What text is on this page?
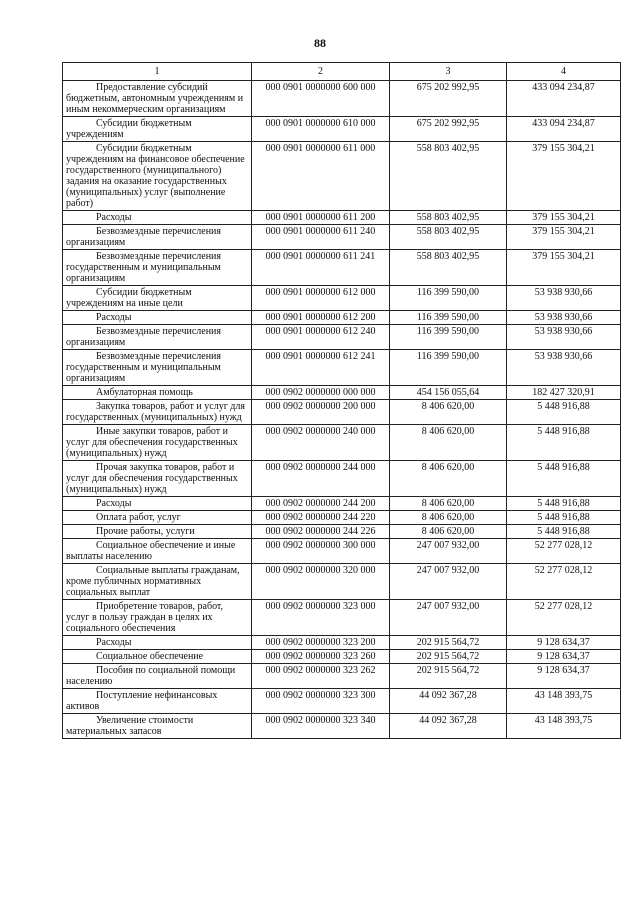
88
1	2	3	4
Предоставление субсидий бюджетным, автономным учреждениям и иным некоммерческим организациям	000 0901 0000000 600 000	675 202 992,95	433 094 234,87
Субсидии бюджетным учреждениям	000 0901 0000000 610 000	675 202 992,95	433 094 234,87
Субсидии бюджетным учреждениям на финансовое обеспечение государственного (муниципального) задания на оказание государственных (муниципальных) услуг (выполнение работ)	000 0901 0000000 611 000	558 803 402,95	379 155 304,21
Расходы	000 0901 0000000 611 200	558 803 402,95	379 155 304,21
Безвозмездные перечисления организациям	000 0901 0000000 611 240	558 803 402,95	379 155 304,21
Безвозмездные перечисления государственным и муниципальным организациям	000 0901 0000000 611 241	558 803 402,95	379 155 304,21
Субсидии бюджетным учреждениям на иные цели	000 0901 0000000 612 000	116 399 590,00	53 938 930,66
Расходы	000 0901 0000000 612 200	116 399 590,00	53 938 930,66
Безвозмездные перечисления организациям	000 0901 0000000 612 240	116 399 590,00	53 938 930,66
Безвозмездные перечисления государственным и муниципальным организациям	000 0901 0000000 612 241	116 399 590,00	53 938 930,66
Амбулаторная помощь	000 0902 0000000 000 000	454 156 055,64	182 427 320,91
Закупка товаров, работ и услуг для государственных (муниципальных) нужд	000 0902 0000000 200 000	8 406 620,00	5 448 916,88
Иные закупки товаров, работ и услуг для обеспечения государственных (муниципальных) нужд	000 0902 0000000 240 000	8 406 620,00	5 448 916,88
Прочая закупка товаров, работ и услуг для обеспечения государственных (муниципальных) нужд	000 0902 0000000 244 000	8 406 620,00	5 448 916,88
Расходы	000 0902 0000000 244 200	8 406 620,00	5 448 916,88
Оплата работ, услуг	000 0902 0000000 244 220	8 406 620,00	5 448 916,88
Прочие работы, услуги	000 0902 0000000 244 226	8 406 620,00	5 448 916,88
Социальное обеспечение и иные выплаты населению	000 0902 0000000 300 000	247 007 932,00	52 277 028,12
Социальные выплаты гражданам, кроме публичных нормативных социальных выплат	000 0902 0000000 320 000	247 007 932,00	52 277 028,12
Приобретение товаров, работ, услуг в пользу граждан в целях их социального обеспечения	000 0902 0000000 323 000	247 007 932,00	52 277 028,12
Расходы	000 0902 0000000 323 200	202 915 564,72	9 128 634,37
Социальное обеспечение	000 0902 0000000 323 260	202 915 564,72	9 128 634,37
Пособия по социальной помощи населению	000 0902 0000000 323 262	202 915 564,72	9 128 634,37
Поступление нефинансовых активов	000 0902 0000000 323 300	44 092 367,28	43 148 393,75
Увеличение стоимости материальных запасов	000 0902 0000000 323 340	44 092 367,28	43 148 393,75
